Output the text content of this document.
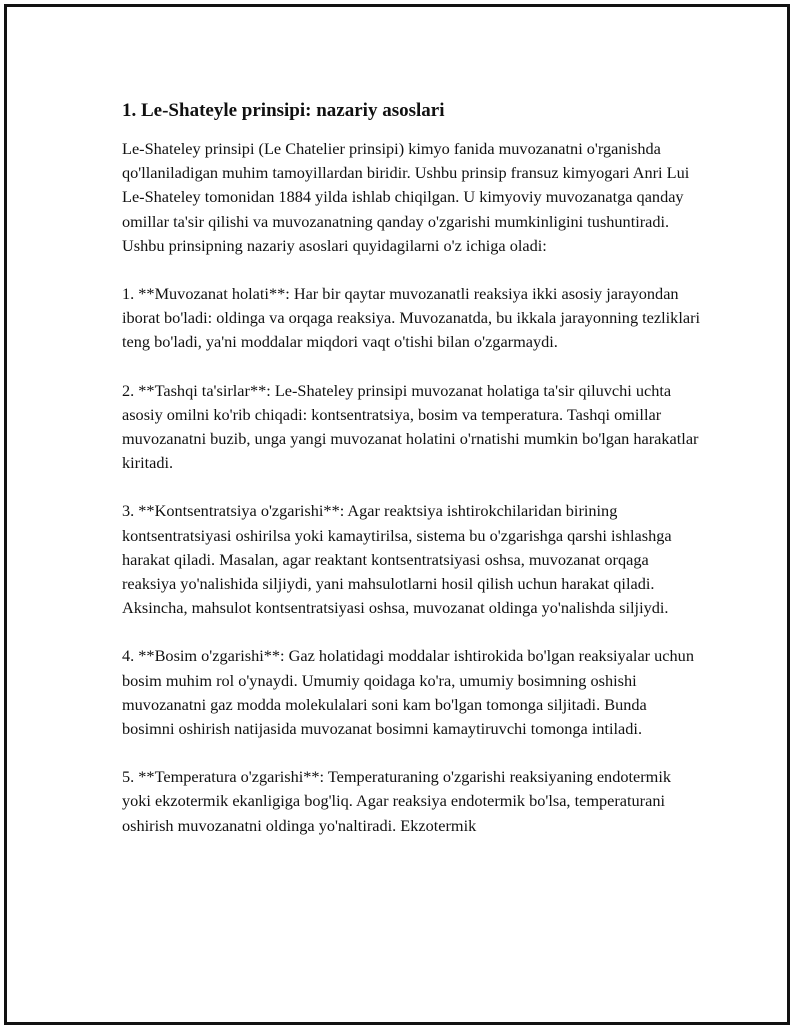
1. Le-Shateyle prinsipi: nazariy asoslari

Le-Shateley prinsipi (Le Chatelier prinsipi) kimyo fanida muvozanatni o'rganishda qo'llaniladigan muhim tamoyillardan biridir. Ushbu prinsip fransuz kimyogari Anri Lui Le-Shateley tomonidan 1884 yilda ishlab chiqilgan. U kimyoviy muvozanatga qanday omillar ta'sir qilishi va muvozanatning qanday o'zgarishi mumkinligini tushuntiradi. Ushbu prinsipning nazariy asoslari quyidagilarni o'z ichiga oladi:

1. **Muvozanat holati**: Har bir qaytar muvozanatli reaksiya ikki asosiy jarayondan iborat bo'ladi: oldinga va orqaga reaksiya. Muvozanatda, bu ikkala jarayonning tezliklari teng bo'ladi, ya'ni moddalar miqdori vaqt o'tishi bilan o'zgarmaydi.

2. **Tashqi ta'sirlar**: Le-Shateley prinsipi muvozanat holatiga ta'sir qiluvchi uchta asosiy omilni ko'rib chiqadi: kontsentratsiya, bosim va temperatura. Tashqi omillar muvozanatni buzib, unga yangi muvozanat holatini o'rnatishi mumkin bo'lgan harakatlar kiritadi.

3. **Kontsentratsiya o'zgarishi**: Agar reaktsiya ishtirokchilaridan birining kontsentratsiyasi oshirilsa yoki kamaytirilsa, sistema bu o'zgarishga qarshi ishlashga harakat qiladi. Masalan, agar reaktant kontsentratsiyasi oshsa, muvozanat orqaga reaksiya yo'nalishida siljiydi, yani mahsulotlarni hosil qilish uchun harakat qiladi. Aksincha, mahsulot kontsentratsiyasi oshsa, muvozanat oldinga yo'nalishda siljiydi.

4. **Bosim o'zgarishi**: Gaz holatidagi moddalar ishtirokida bo'lgan reaksiyalar uchun bosim muhim rol o'ynaydi. Umumiy qoidaga ko'ra, umumiy bosimning oshishi muvozanatni gaz modda molekulalari soni kam bo'lgan tomonga siljitadi. Bunda bosimni oshirish natijasida muvozanat bosimni kamaytiruvchi tomonga intiladi.

5. **Temperatura o'zgarishi**: Temperaturaning o'zgarishi reaksiyaning endotermik yoki ekzotermik ekanligiga bog'liq. Agar reaksiya endotermik bo'lsa, temperaturani oshirish muvozanatni oldinga yo'naltiradi. Ekzotermik
